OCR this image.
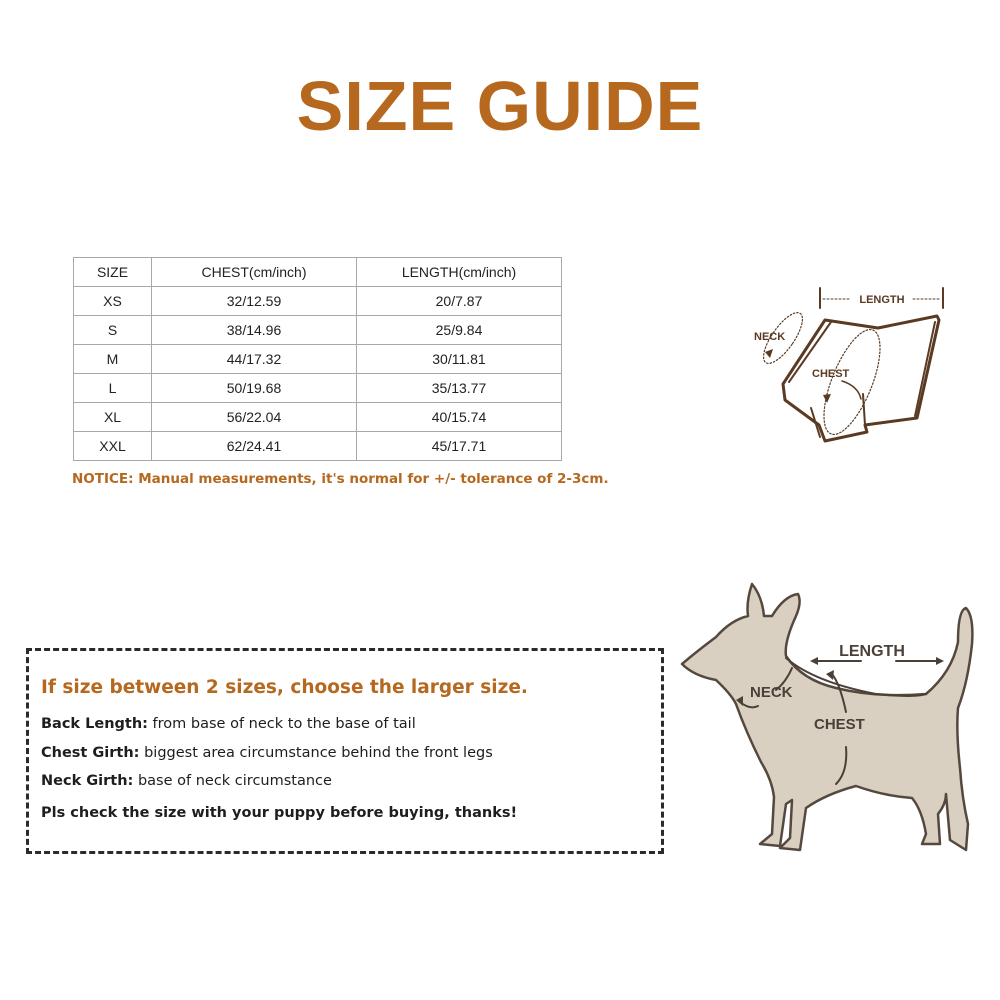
SIZE GUIDE
SIZE	CHEST(cm/inch)	LENGTH(cm/inch)
XS	32/12.59	20/7.87
S	38/14.96	25/9.84
M	44/17.32	30/11.81
L	50/19.68	35/13.77
XL	56/22.04	40/15.74
XXL	62/24.41	45/17.71
NOTICE: Manual measurements, it's normal for +/- tolerance of 2-3cm.
LENGTH
NECK
CHEST
If size between 2 sizes, choose the larger size.
Back Length: from base of neck to the base of tail
Chest Girth: biggest area circumstance behind the front legs
Neck Girth: base of neck circumstance
Pls check the size with your puppy before buying, thanks!
LENGTH
NECK
CHEST
